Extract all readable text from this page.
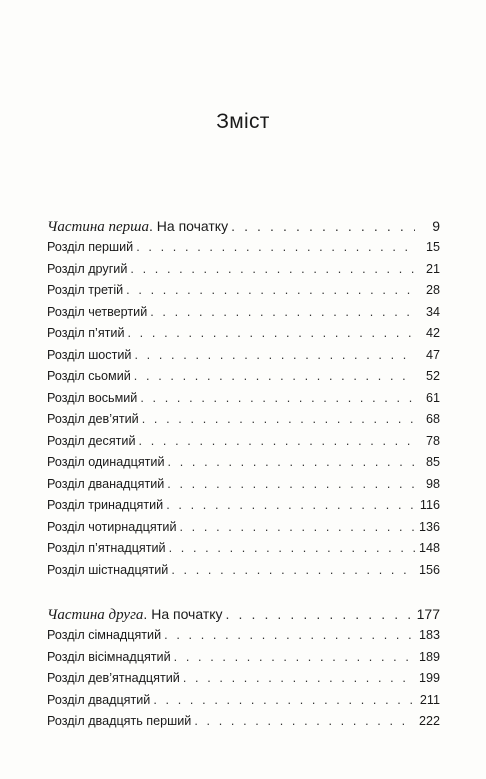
Зміст
Частина перша. На початку . . .	9
Розділ перший . . .	15
Розділ другий . . .	21
Розділ третій . . .	28
Розділ четвертий . . .	34
Розділ п’ятий . . .	42
Розділ шостий . . .	47
Розділ сьомий . . .	52
Розділ восьмий . . .	61
Розділ дев’ятий . . .	68
Розділ десятий . . .	78
Розділ одинадцятий . . .	85
Розділ дванадцятий . . .	98
Розділ тринадцятий . . .	116
Розділ чотирнадцятий . . .	136
Розділ п’ятнадцятий . . .	148
Розділ шістнадцятий . . .	156
Частина друга. На початку . . .	177
Розділ сімнадцятий . . .	183
Розділ вісімнадцятий . . .	189
Розділ дев’ятнадцятий . . .	199
Розділ двадцятий . . .	211
Розділ двадцять перший . . .	222
